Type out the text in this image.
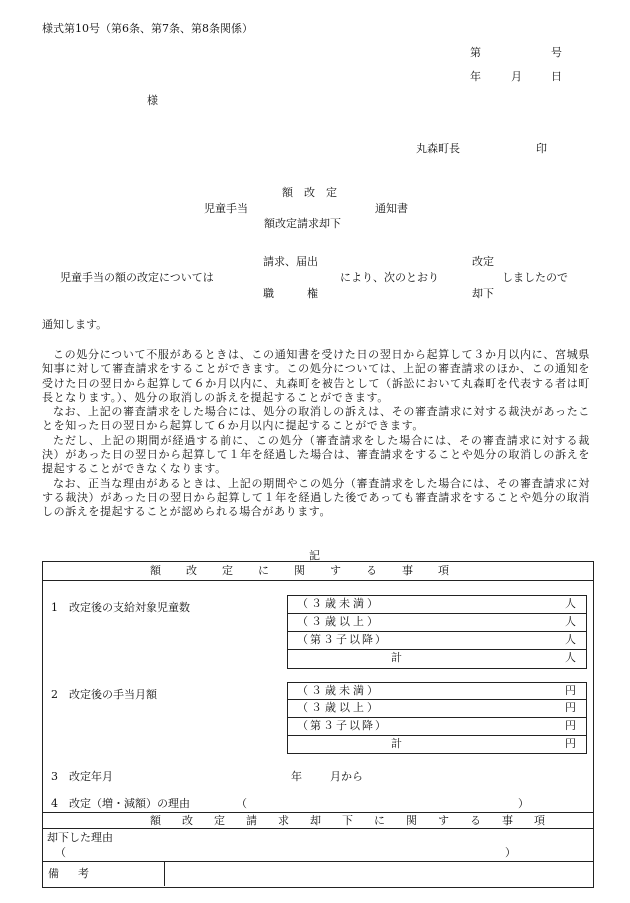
様式第10号（第6条、第7条、第8条関係）
第	号
年	月	日
様
丸森町長	印
額　改　定
児童手当	通知書
額改定請求却下
請求、届出	改定
児童手当の額の改定については	により、次のとおり	しましたので
職　　　権	却下
通知します。

この処分について不服があるときは、この通知書を受けた日の翌日から起算して３か月以内に、宮城県知事に対して審査請求をすることができます。この処分については、上記の審査請求のほか、この通知を受けた日の翌日から起算して６か月以内に、丸森町を被告として（訴訟において丸森町を代表する者は町長となります。）、処分の取消しの訴えを提起することができます。

なお、上記の審査請求をした場合には、処分の取消しの訴えは、その審査請求に対する裁決があったことを知った日の翌日から起算して６か月以内に提起することができます。

ただし、上記の期間が経過する前に、この処分（審査請求をした場合には、その審査請求に対する裁決）があった日の翌日から起算して１年を経過した場合は、審査請求をすることや処分の取消しの訴えを提起することができなくなります。

なお、正当な理由があるときは、上記の期間やこの処分（審査請求をした場合には、その審査請求に対する裁決）があった日の翌日から起算して１年を経過した後であっても審査請求をすることや処分の取消しの訴えを提起することが認められる場合があります。

記
額改定に関する事項
1　改定後の支給対象児童数	（３歳未満）	人
（３歳以上）	人
（第３子以降）	人
計	人
2　改定後の手当月額	（３歳未満）	円
（３歳以上）	円
（第３子以降）	円
計	円
3　改定年月	年	月から
4　改定（増・減額）の理由	（	）
額改定請求却下に関する事項
却下した理由
（	）
備　考
